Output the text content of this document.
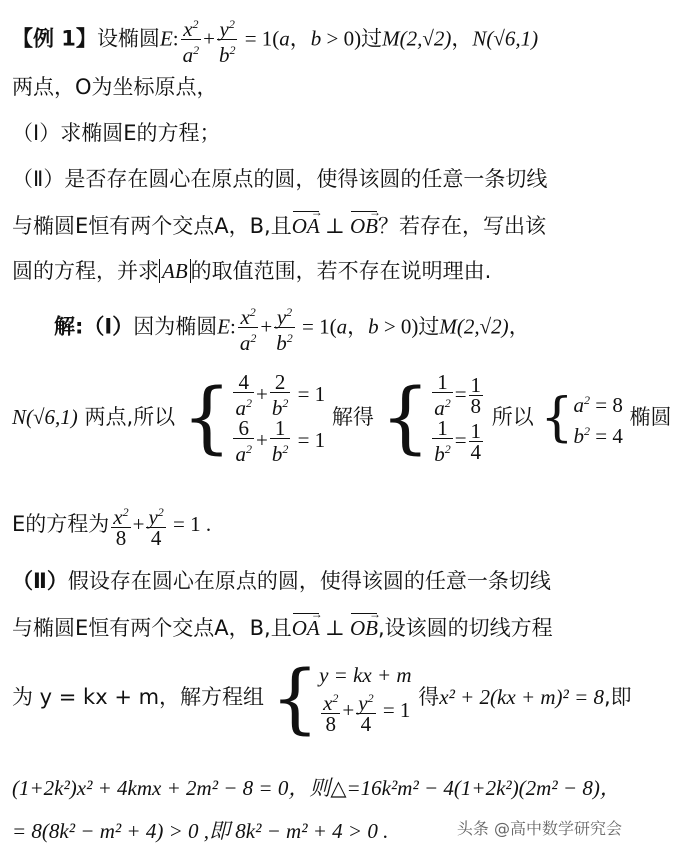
【例 1】设椭圆E: $\frac{x^2}{a^2} + \frac{y^2}{b^2} = 1(a$，b > 0)过M(2,√2)，N(√6,1)
两点，O为坐标原点，
（Ⅰ）求椭圆E的方程；
（Ⅱ）是否存在圆心在原点的圆，使得该圆的任意一条切线
与椭圆E恒有两个交点A，B,且OA → ⊥ OB →？若存在，写出该
圆的方程，并求 AB 的取值范围，若不存在说明理由.
解:（Ⅰ）因为椭圆E: $\frac{x^2}{a^2} + \frac{y^2}{b^2} = 1(a$，b > 0)过M(2,√2)，
N(√6,1) 两点,所以 { $\frac{4}{a^2} + \frac{2}{b^2} = 1$
$\frac{6}{a^2} + \frac{1}{b^2} = 1$
解得 { $\frac{1}{a^2} = \frac{1}{8}$
$\frac{1}{b^2} = \frac{1}{4}$
所以 { $a^2 = 8$
$b^2 = 4$
椭圆
E的方程为 $\frac{x^2}{8} + \frac{y^2}{4} = 1$ .
（Ⅱ）假设存在圆心在原点的圆，使得该圆的任意一条切线
与椭圆E恒有两个交点A，B,且OA → ⊥ OB →,设该圆的切线方程
为 y = kx + m，解方程组 { y = kx + m
$\frac{x^2}{8} + \frac{y^2}{4} = 1$
得x² + 2(kx + m)² = 8,即
(1+2k²)x² + 4kmx + 2m² − 8 = 0，则△=16k²m² − 4(1+2k²)(2m² − 8)，
= 8(8k² − m² + 4) > 0 ,即 8k² − m² + 4 > 0 .	头条 @高中数学研究会
